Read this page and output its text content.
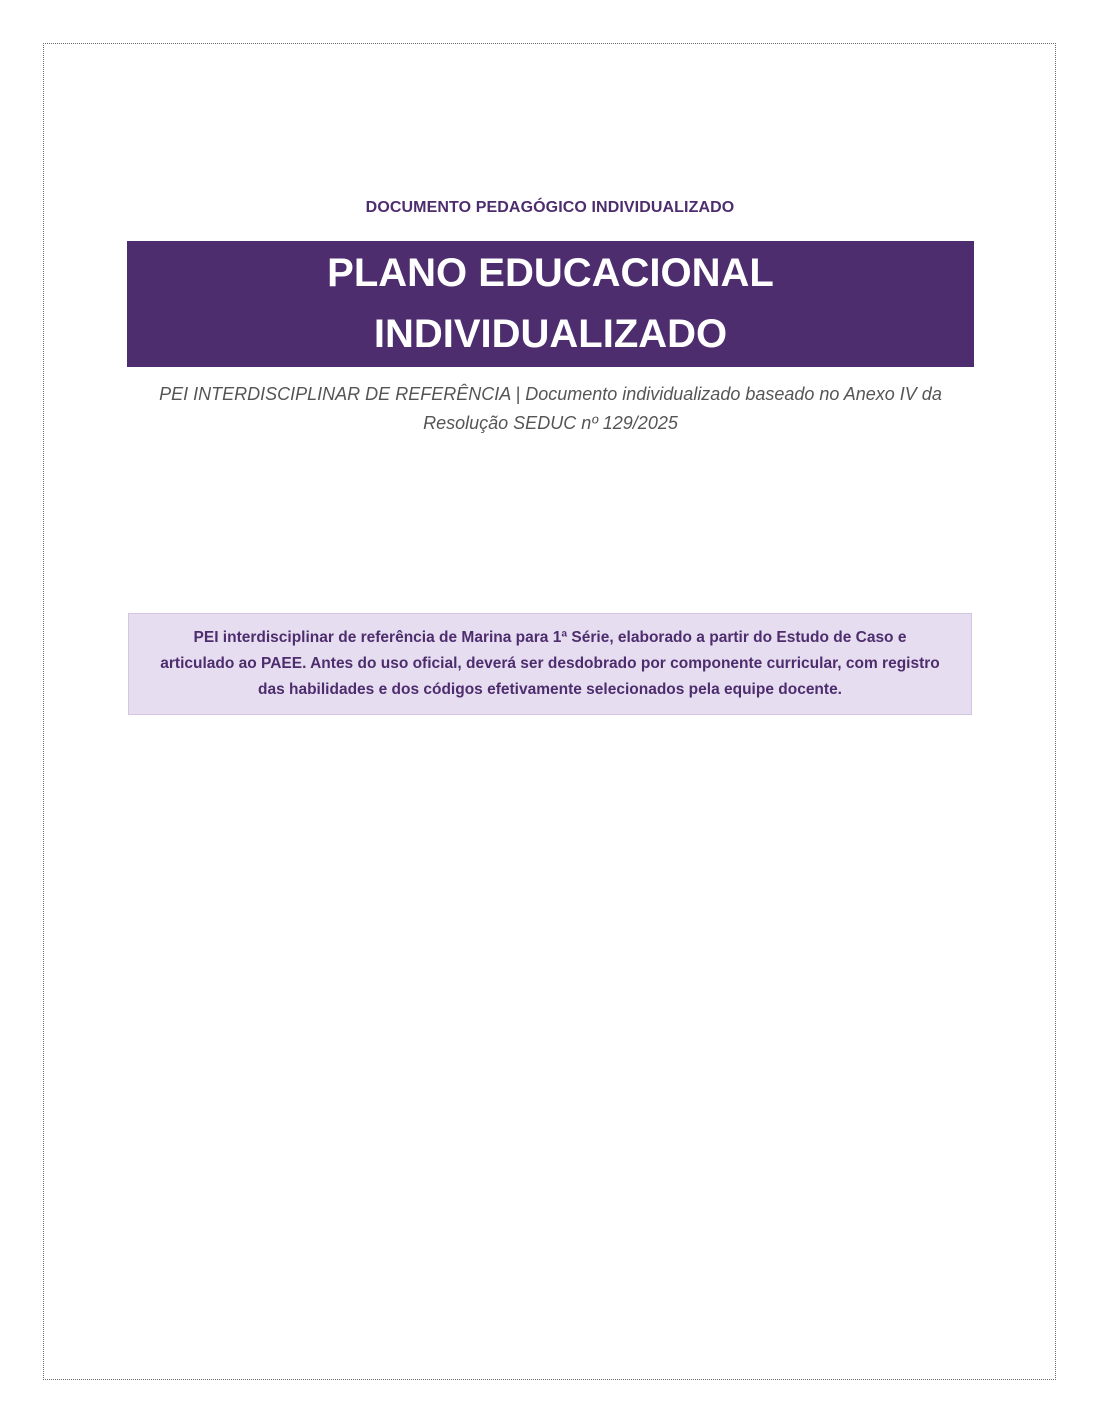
DOCUMENTO PEDAGÓGICO INDIVIDUALIZADO
PLANO EDUCACIONAL INDIVIDUALIZADO
PEI INTERDISCIPLINAR DE REFERÊNCIA | Documento individualizado baseado no Anexo IV da Resolução SEDUC nº 129/2025
PEI interdisciplinar de referência de Marina para 1ª Série, elaborado a partir do Estudo de Caso e articulado ao PAEE. Antes do uso oficial, deverá ser desdobrado por componente curricular, com registro das habilidades e dos códigos efetivamente selecionados pela equipe docente.
